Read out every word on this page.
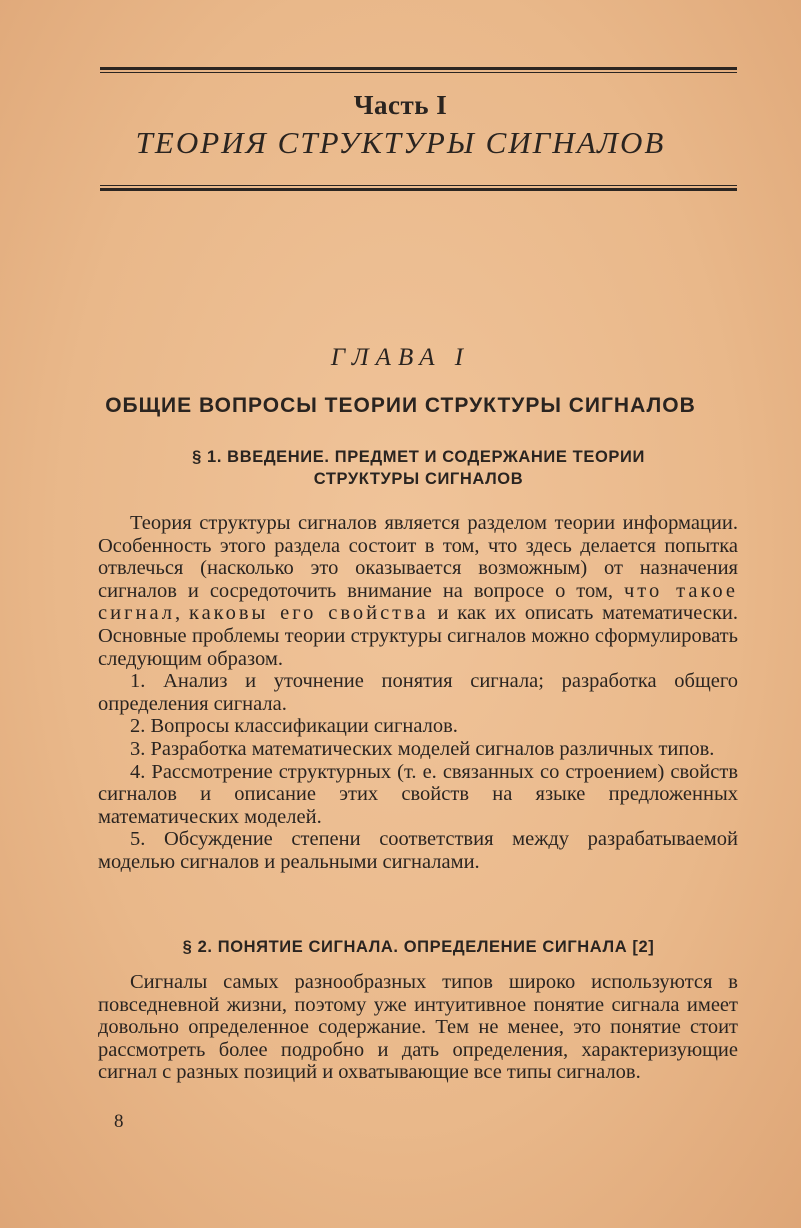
Часть I
ТЕОРИЯ СТРУКТУРЫ СИГНАЛОВ
ГЛАВА I
ОБЩИЕ ВОПРОСЫ ТЕОРИИ СТРУКТУРЫ СИГНАЛОВ
§ 1. ВВЕДЕНИЕ. ПРЕДМЕТ И СОДЕРЖАНИЕ ТЕОРИИ
СТРУКТУРЫ СИГНАЛОВ

Теория структуры сигналов является разделом теории информации. Особенность этого раздела состоит в том, что здесь делается попытка отвлечься (насколько это оказывается возможным) от назначения сигналов и сосредоточить внимание на вопросе о том, что такое сигнал, каковы его свойства и как их описать математически. Основные проблемы теории структуры сигналов можно сформулировать следующим образом.

1. Анализ и уточнение понятия сигнала; разработка общего определения сигнала.

2. Вопросы классификации сигналов.

3. Разработка математических моделей сигналов различных типов.

4. Рассмотрение структурных (т. е. связанных со строением) свойств сигналов и описание этих свойств на языке предложенных математических моделей.

5. Обсуждение степени соответствия между разрабатываемой моделью сигналов и реальными сигналами.

§ 2. ПОНЯТИЕ СИГНАЛА. ОПРЕДЕЛЕНИЕ СИГНАЛА [2]

Сигналы самых разнообразных типов широко используются в повседневной жизни, поэтому уже интуитивное понятие сигнала имеет довольно определенное содержание. Тем не менее, это понятие стоит рассмотреть более подробно и дать определения, характеризующие сигнал с разных позиций и охватывающие все типы сигналов.

8
